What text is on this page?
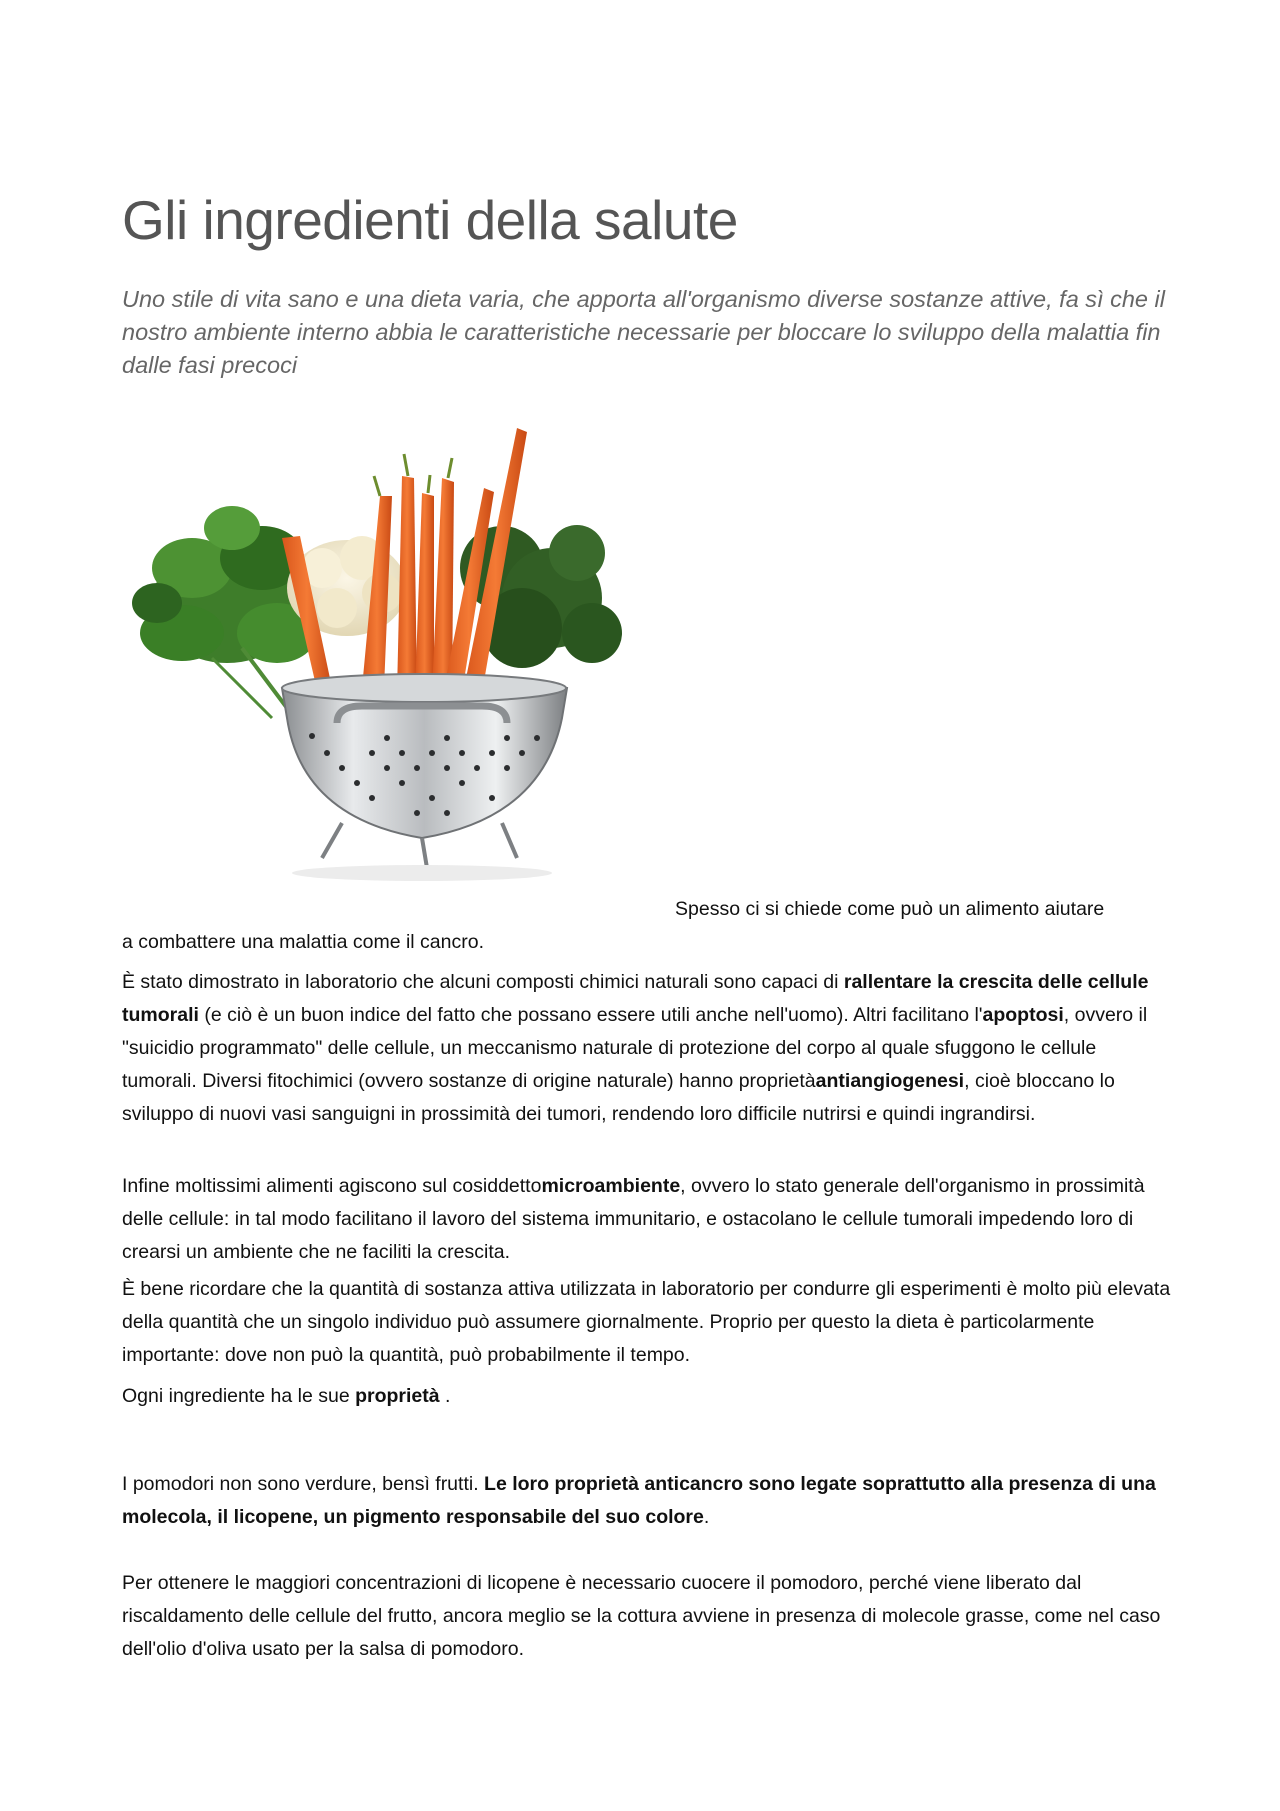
Gli ingredienti della salute

Uno stile di vita sano e una dieta varia, che apporta all'organismo diverse sostanze attive, fa sì che il nostro ambiente interno abbia le caratteristiche necessarie per bloccare lo sviluppo della malattia fin dalle fasi precoci

Spesso ci si chiede come può un alimento aiutare

a combattere una malattia come il cancro.

È stato dimostrato in laboratorio che alcuni composti chimici naturali sono capaci di rallentare la crescita delle cellule tumorali (e ciò è un buon indice del fatto che possano essere utili anche nell'uomo). Altri facilitano l'apoptosi, ovvero il "suicidio programmato" delle cellule, un meccanismo naturale di protezione del corpo al quale sfuggono le cellule tumorali. Diversi fitochimici (ovvero sostanze di origine naturale) hanno proprietàantiangiogenesi, cioè bloccano lo sviluppo di nuovi vasi sanguigni in prossimità dei tumori, rendendo loro difficile nutrirsi e quindi ingrandirsi.

Infine moltissimi alimenti agiscono sul cosiddettomicroambiente, ovvero lo stato generale dell'organismo in prossimità delle cellule: in tal modo facilitano il lavoro del sistema immunitario, e ostacolano le cellule tumorali impedendo loro di crearsi un ambiente che ne faciliti la crescita.

È bene ricordare che la quantità di sostanza attiva utilizzata in laboratorio per condurre gli esperimenti è molto più elevata della quantità che un singolo individuo può assumere giornalmente. Proprio per questo la dieta è particolarmente importante: dove non può la quantità, può probabilmente il tempo.

Ogni ingrediente ha le sue proprietà .

I pomodori non sono verdure, bensì frutti. Le loro proprietà anticancro sono legate soprattutto alla presenza di una molecola, il licopene, un pigmento responsabile del suo colore.

Per ottenere le maggiori concentrazioni di licopene è necessario cuocere il pomodoro, perché viene liberato dal riscaldamento delle cellule del frutto, ancora meglio se la cottura avviene in presenza di molecole grasse, come nel caso dell'olio d'oliva usato per la salsa di pomodoro.
